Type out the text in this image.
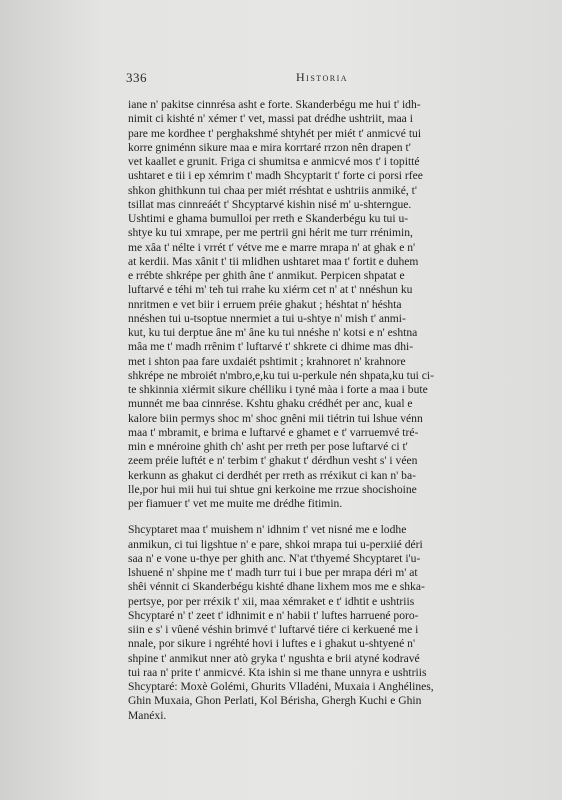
336	Historia
iane n' pakitse cinnrésa asht e forte. Skanderbégu me hui t' idh-
nimit ci kishté n' xémer t' vet, massi pat drédhe ushtriit, maa i
pare me kordhee t' perghakshmé shtyhét per miét t' anmicvé tui
korre gniménn sikure maa e mira korrtaré rrzon nên drapen t'
vet kaallet e grunit. Friga ci shumitsa e anmicvé mos t' i topitté
ushtaret e tii i ep xémrim t' madh Shcyptarit t' forte ci porsi rfee
shkon ghithkunn tui chaa per miét rréshtat e ushtriis anmiké, t'
tsillat mas cinnreáét t' Shcyptarvé kishin nisé m' u-shterngue.
Ushtimi e ghama bumulloi per rreth e Skanderbégu ku tui u-
shtye ku tui xmrape, per me pertrii gni hérit me turr rrénimin,
me xâa t' nélte i vrrét t' vétve me e marre mrapa n' at ghak e n'
at kerdii. Mas xânit t' tii mlidhen ushtaret maa t' fortit e duhem
e rrébte shkrépe per ghith âne t' anmikut. Perpicen shpatat e
luftarvé e téhi m' teh tui rrahe ku xiérm cet n' at t' nnéshun ku
nnritmen e vet biir i erruem préie ghakut ; héshtat n' héshta
nnéshen tui u-tsoptue nnermiet a tui u-shtye n' mish t' anmi-
kut, ku tui derptue âne m' âne ku tui nnéshe n' kotsi e n' eshtna
mâa me t' madh rrênim t' luftarvé t' shkrete ci dhime mas dhi-
met i shton paa fare uxdaiét pshtimit ; krahnoret n' krahnore
shkrépe ne mbroiét n'mbro,e,ku tui u-perkule nén shpata,ku tui ci-
te shkinnia xiérmit sikure chélliku i tyné màa i forte a maa i bute
munnét me baa cinnrése. Kshtu ghaku crédhét per anc, kual e
kalore biin permys shoc m' shoc gnêni mii tiétrin tui lshue vénn
maa t' mbramit, e brima e luftarvé e ghamet e t' varruemvé tré-
min e mnéroine ghith ch' asht per rreth per pose luftarvé ci t'
zeem préie luftét e n' terbim t' ghakut t' dérdhun vesht s' i véen
kerkunn as ghakut ci derdhét per rreth as rréxikut ci kan n' ba-
lle,por hui mii hui tui shtue gni kerkoine me rrzue shocishoine
per fiamuer t' vet me muite me drédhe fitimin.
Shcyptaret maa t' muishem n' idhnim t' vet nisné me e lodhe
anmikun, ci tui ligshtue n' e pare, shkoi mrapa tui u-perxiié déri
saa n' e vone u-thye per ghith anc. N'at t'thyemé Shcyptaret i'u-
lshuené n' shpine me t' madh turr tui i bue per mrapa déri m' at
shêi vénnit ci Skanderbégu kishté dhane lixhem mos me e shka-
pertsye, por per rréxik t' xii, maa xémraket e t' idhtit e ushtriis
Shcyptaré n' t' zeet t' idhnimit e n' habii t' luftes harruené poro-
siin e s' i vûené véshin brimvé t' luftarvé tiére ci kerkuené me i
nnale, por sikure i ngréhté hovi i luftes e i ghakut u-shtyené n'
shpine t' anmikut nner atò gryka t' ngushta e brii atyné kodravé
tui raa n' prite t' anmicvé. Kta ishin si me thane unnyra e ushtriis
Shcyptaré: Moxè Golémi, Ghurits Vlladéni, Muxaia i Anghélines,
Ghin Muxaia, Ghon Perlati, Kol Bérisha, Ghergh Kuchi e Ghin
Manéxi.
